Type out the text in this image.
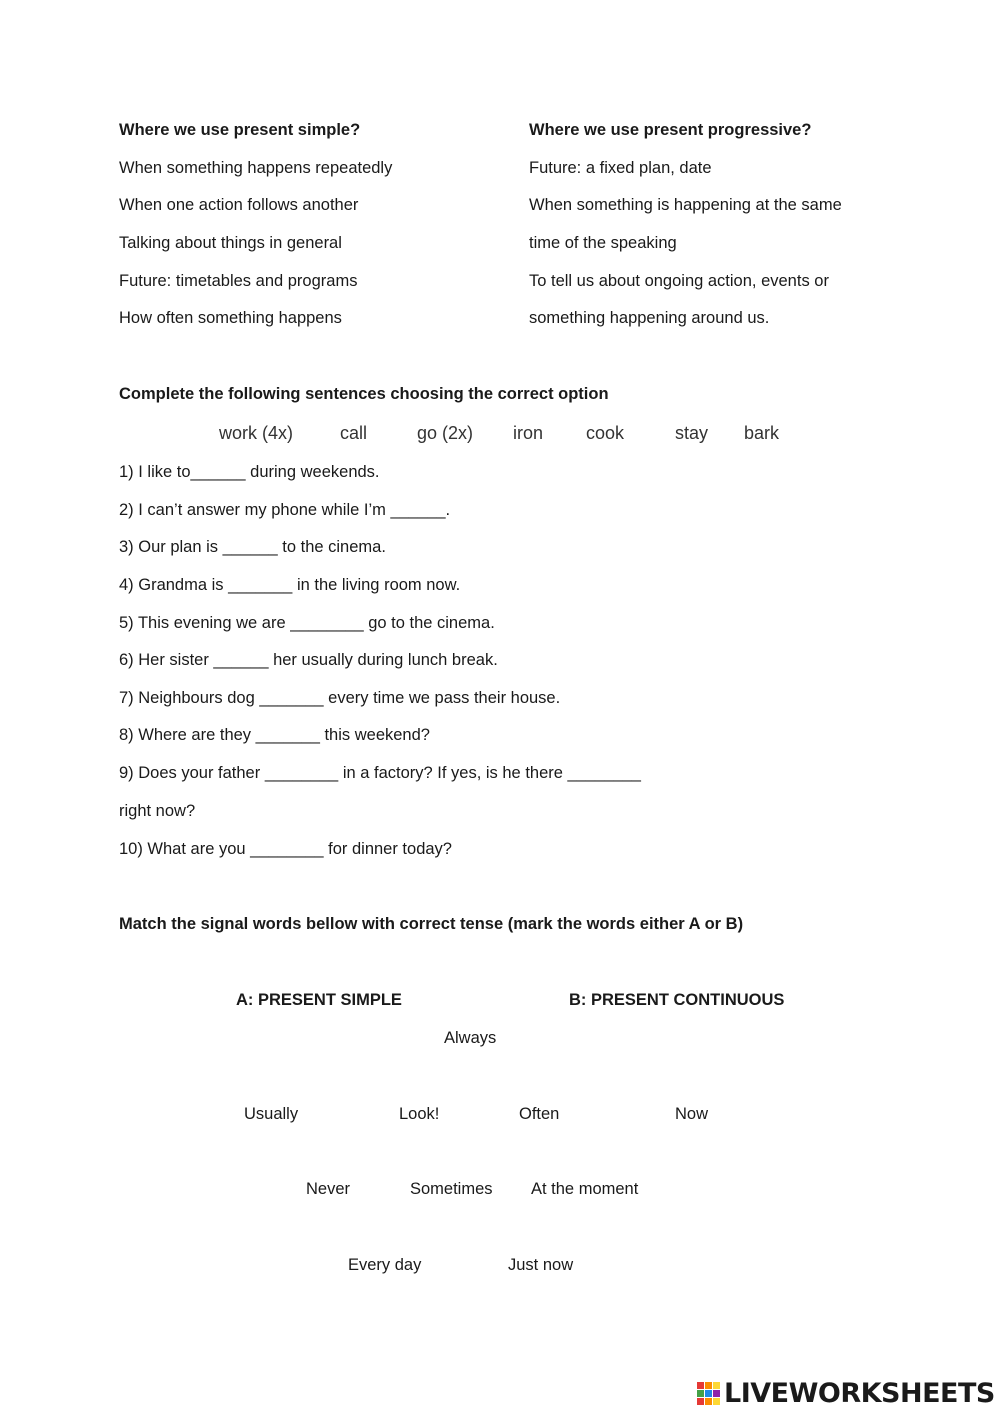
Where we use present simple?
When something happens repeatedly
When one action follows another
Talking about things in general
Future: timetables and programs
How often something happens
Where we use present progressive?
Future: a fixed plan, date
When something is happening at the same
time of the speaking
To tell us about ongoing action, events or
something happening around us.
Complete the following sentences choosing the correct option
work (4x)	call	go (2x) iron cook	stay bark
1) I like to______ during weekends.
2) I can’t answer my phone while I’m ______.
3) Our plan is ______ to the cinema.
4) Grandma is _______ in the living room now.
5) This evening we are ________ go to the cinema.
6) Her sister ______ her usually during lunch break.
7) Neighbours dog _______ every time we pass their house.
8) Where are they _______ this weekend?
9) Does your father ________ in a factory? If yes, is he there ________
right now?
10) What are you ________ for dinner today?
Match the signal words bellow with correct tense (mark the words either A or B)
A: PRESENT SIMPLE	B: PRESENT CONTINUOUS
Always
Usually	Look!	Often	Now
Never	Sometimes At the moment
Every day	Just now
LIVEWORKSHEETS
